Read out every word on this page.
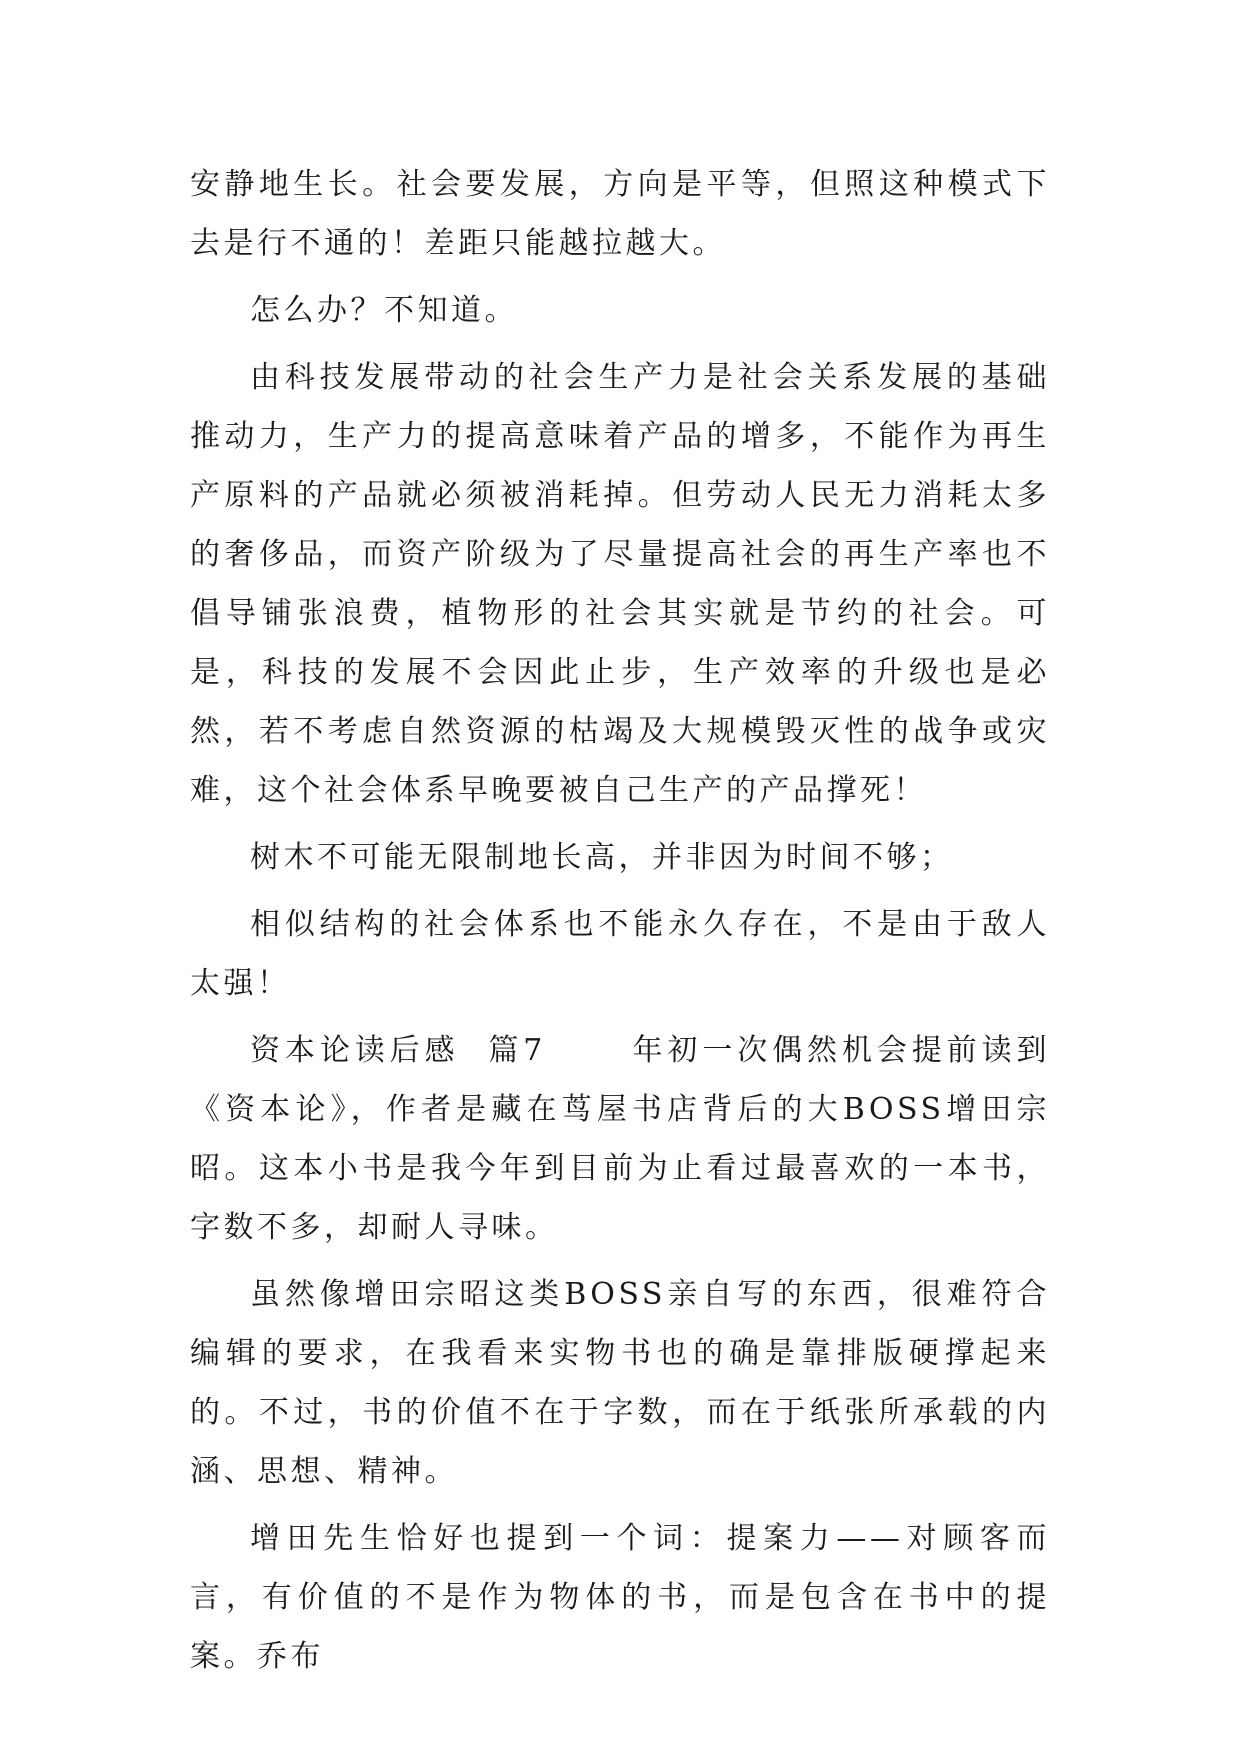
安静地生长。社会要发展，方向是平等，但照这种模式下去是行不通的！差距只能越拉越大。

怎么办？不知道。

由科技发展带动的社会生产力是社会关系发展的基础推动力，生产力的提高意味着产品的增多，不能作为再生产原料的产品就必须被消耗掉。但劳动人民无力消耗太多的奢侈品，而资产阶级为了尽量提高社会的再生产率也不倡导铺张浪费，植物形的社会其实就是节约的社会。可是，科技的发展不会因此止步，生产效率的升级也是必然，若不考虑自然资源的枯竭及大规模毁灭性的战争或灾难，这个社会体系早晚要被自己生产的产品撑死！

树木不可能无限制地长高，并非因为时间不够；

相似结构的社会体系也不能永久存在，不是由于敌人太强！

资本论读后感  篇7      年初一次偶然机会提前读到《资本论》，作者是藏在茑屋书店背后的大BOSS增田宗昭。这本小书是我今年到目前为止看过最喜欢的一本书，字数不多，却耐人寻味。

虽然像增田宗昭这类BOSS亲自写的东西，很难符合编辑的要求，在我看来实物书也的确是靠排版硬撑起来的。不过，书的价值不在于字数，而在于纸张所承载的内涵、思想、精神。

增田先生恰好也提到一个词：提案力——对顾客而言，有价值的不是作为物体的书，而是包含在书中的提案。乔布
